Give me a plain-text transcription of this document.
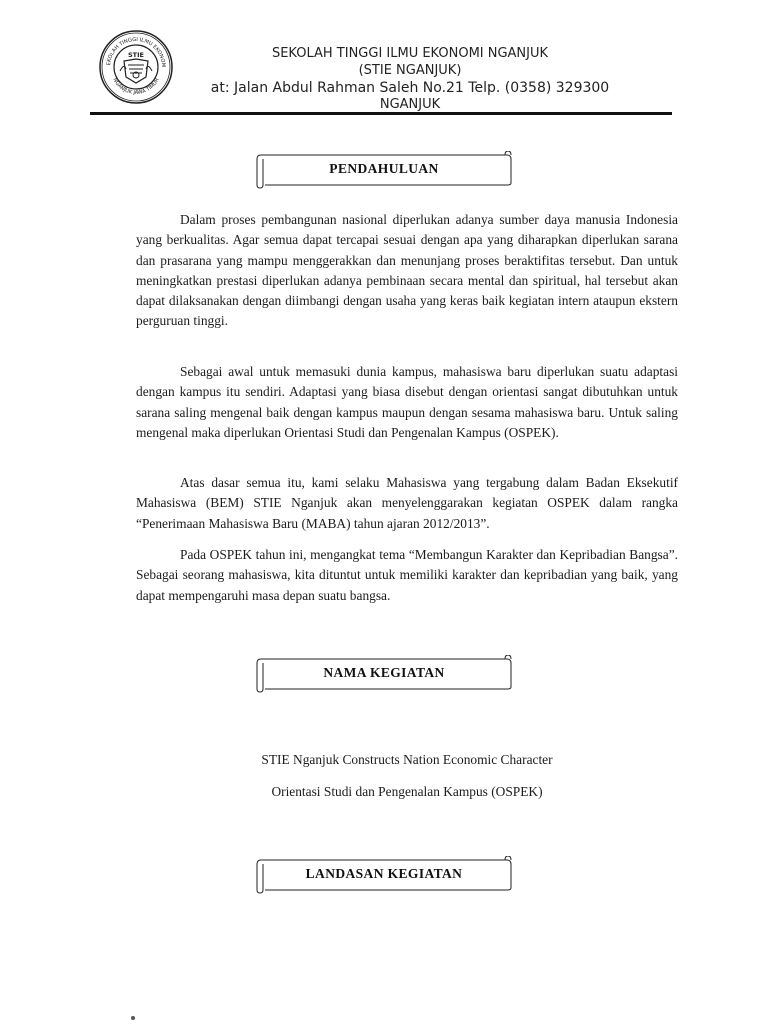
EKOLAH TINGGI ILMU EKONOM
NGANJUK JAWA TIMUR
STIE	SEKOLAH TINGGI ILMU EKONOMI NGANJUK
(STIE NGANJUK)
at: Jalan Abdul Rahman Saleh No.21 Telp. (0358) 329300
NGANJUK
PENDAHULUAN

Dalam proses pembangunan nasional diperlukan adanya sumber daya manusia Indonesia yang berkualitas. Agar semua dapat tercapai sesuai dengan apa yang diharapkan diperlukan sarana dan prasarana yang mampu menggerakkan dan menunjang proses beraktifitas tersebut. Dan untuk meningkatkan prestasi diperlukan adanya pembinaan secara mental dan spiritual, hal tersebut akan dapat dilaksanakan dengan diimbangi dengan usaha yang keras baik kegiatan intern ataupun ekstern perguruan tinggi.

Sebagai awal untuk memasuki dunia kampus, mahasiswa baru diperlukan suatu adaptasi dengan kampus itu sendiri. Adaptasi yang biasa disebut dengan orientasi sangat dibutuhkan untuk sarana saling mengenal baik dengan kampus maupun dengan sesama mahasiswa baru. Untuk saling mengenal maka diperlukan Orientasi Studi dan Pengenalan Kampus (OSPEK).

Atas dasar semua itu, kami selaku Mahasiswa yang tergabung dalam Badan Eksekutif Mahasiswa (BEM) STIE Nganjuk akan menyelenggarakan kegiatan OSPEK dalam rangka “Penerimaan Mahasiswa Baru (MABA) tahun ajaran 2012/2013”.

Pada OSPEK tahun ini, mengangkat tema “Membangun Karakter dan Kepribadian Bangsa”. Sebagai seorang mahasiswa, kita dituntut untuk memiliki karakter dan kepribadian yang baik, yang dapat mempengaruhi masa depan suatu bangsa.

NAMA KEGIATAN
STIE Nganjuk Constructs Nation Economic Character
Orientasi Studi dan Pengenalan Kampus (OSPEK)
LANDASAN KEGIATAN
